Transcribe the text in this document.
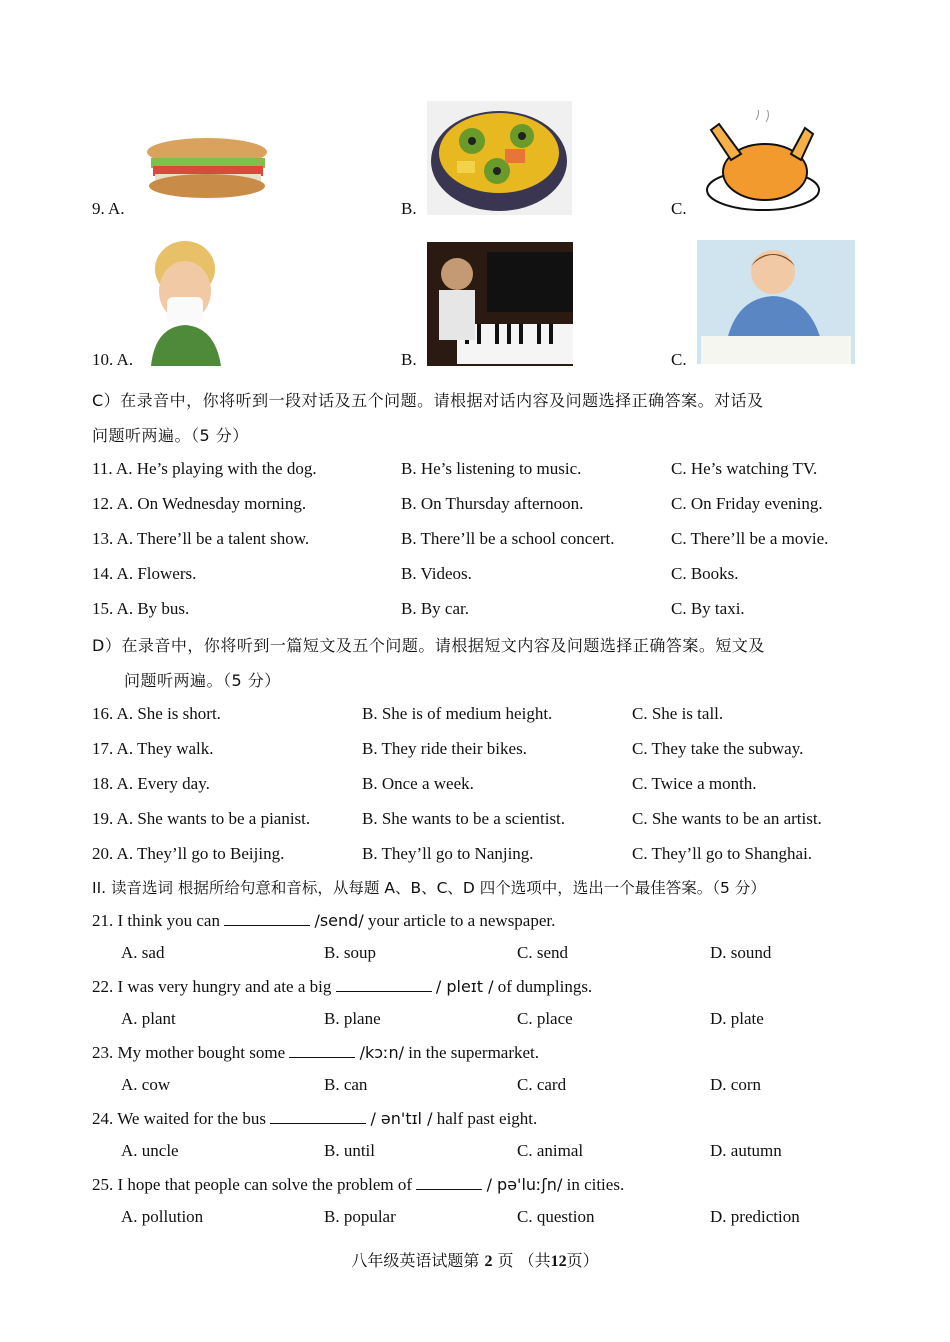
9. A.	B.	C.
10. A.	B.	C.
C）在录音中，你将听到一段对话及五个问题。请根据对话内容及问题选择正确答案。对话及
问题听两遍。（5 分）
11. A. He’s playing with the dog.	B. He’s listening to music.	C. He’s watching TV.
12. A. On Wednesday morning.	B. On Thursday afternoon.	C. On Friday evening.
13. A. There’ll be a talent show.	B. There’ll be a school concert.	C. There’ll be a movie.
14. A. Flowers.	B. Videos.	C. Books.
15. A. By bus.	B. By car.	C. By taxi.
D）在录音中，你将听到一篇短文及五个问题。请根据短文内容及问题选择正确答案。短文及
问题听两遍。（5 分）
16. A. She is short.	B. She is of medium height.	C. She is tall.
17. A. They walk.	B. They ride their bikes.	C. They take the subway.
18. A. Every day.	B. Once a week.	C. Twice a month.
19. A. She wants to be a pianist.	B. She wants to be a scientist.	C. She wants to be an artist.
20. A. They’ll go to Beijing.	B. They’ll go to Nanjing.	C. They’ll go to Shanghai.
II. 读音选词 根据所给句意和音标，从每题 A、B、C、D 四个选项中，选出一个最佳答案。（5 分）
21. I think you can	/send/ your article to a newspaper.
A. sad	B. soup	C. send	D. sound
22. I was very hungry and ate a big	/ pleɪt / of dumplings.
A. plant	B. plane	C. place	D. plate
23. My mother bought some	/kɔːn/ in the supermarket.
A. cow	B. can	C. card	D. corn
24. We waited for the bus	/ ən'tɪl / half past eight.
A. uncle	B. until	C. animal	D. autumn
25. I hope that people can solve the problem of	/ pə'luːʃn/ in cities.
A. pollution	B. popular	C. question	D. prediction
八年级英语试题第 2 页 （共12页）
